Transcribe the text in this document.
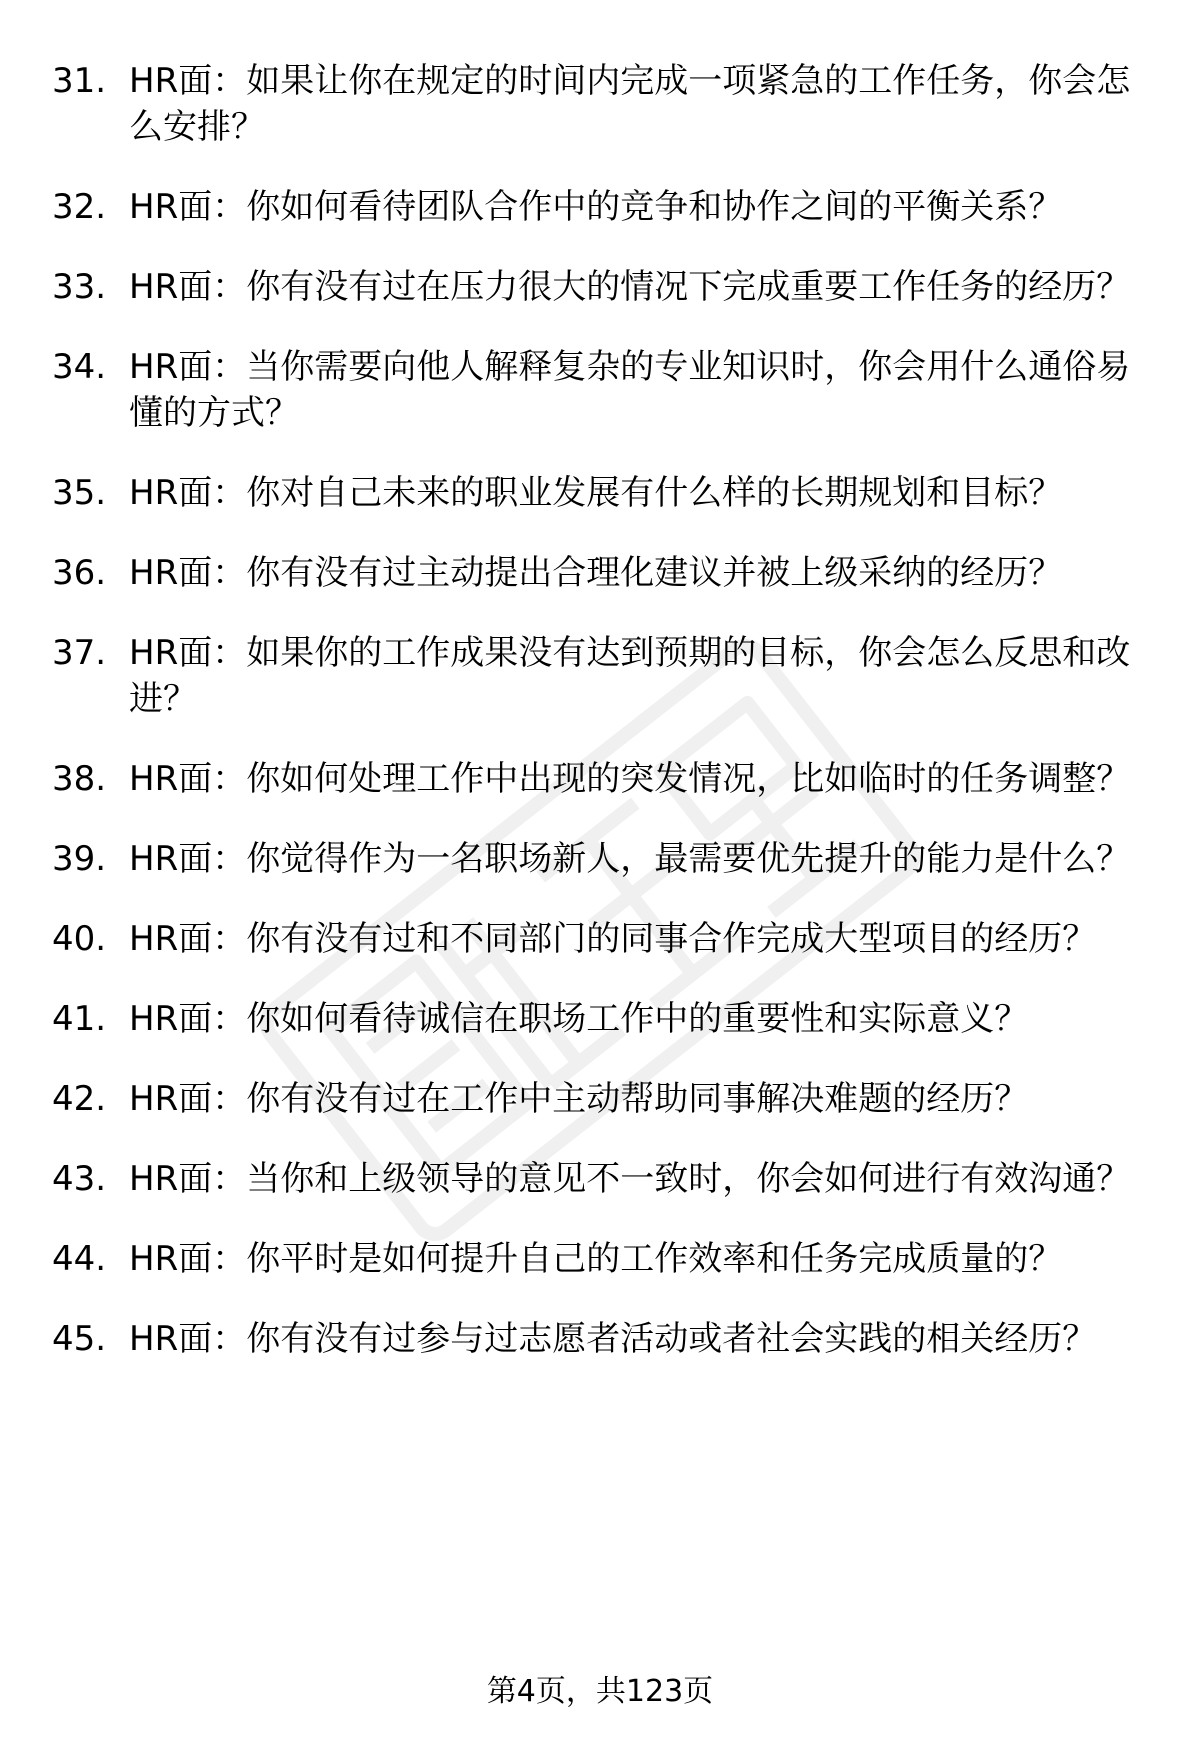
31. HR面：如果让你在规定的时间内完成一项紧急的工作任务，你会怎么安排？
32. HR面：你如何看待团队合作中的竞争和协作之间的平衡关系？
33. HR面：你有没有过在压力很大的情况下完成重要工作任务的经历？
34. HR面：当你需要向他人解释复杂的专业知识时，你会用什么通俗易懂的方式？
35. HR面：你对自己未来的职业发展有什么样的长期规划和目标？
36. HR面：你有没有过主动提出合理化建议并被上级采纳的经历？
37. HR面：如果你的工作成果没有达到预期的目标，你会怎么反思和改进？
38. HR面：你如何处理工作中出现的突发情况，比如临时的任务调整？
39. HR面：你觉得作为一名职场新人，最需要优先提升的能力是什么？
40. HR面：你有没有过和不同部门的同事合作完成大型项目的经历？
41. HR面：你如何看待诚信在职场工作中的重要性和实际意义？
42. HR面：你有没有过在工作中主动帮助同事解决难题的经历？
43. HR面：当你和上级领导的意见不一致时，你会如何进行有效沟通？
44. HR面：你平时是如何提升自己的工作效率和任务完成质量的？
45. HR面：你有没有过参与过志愿者活动或者社会实践的相关经历？
第4页，共123页
